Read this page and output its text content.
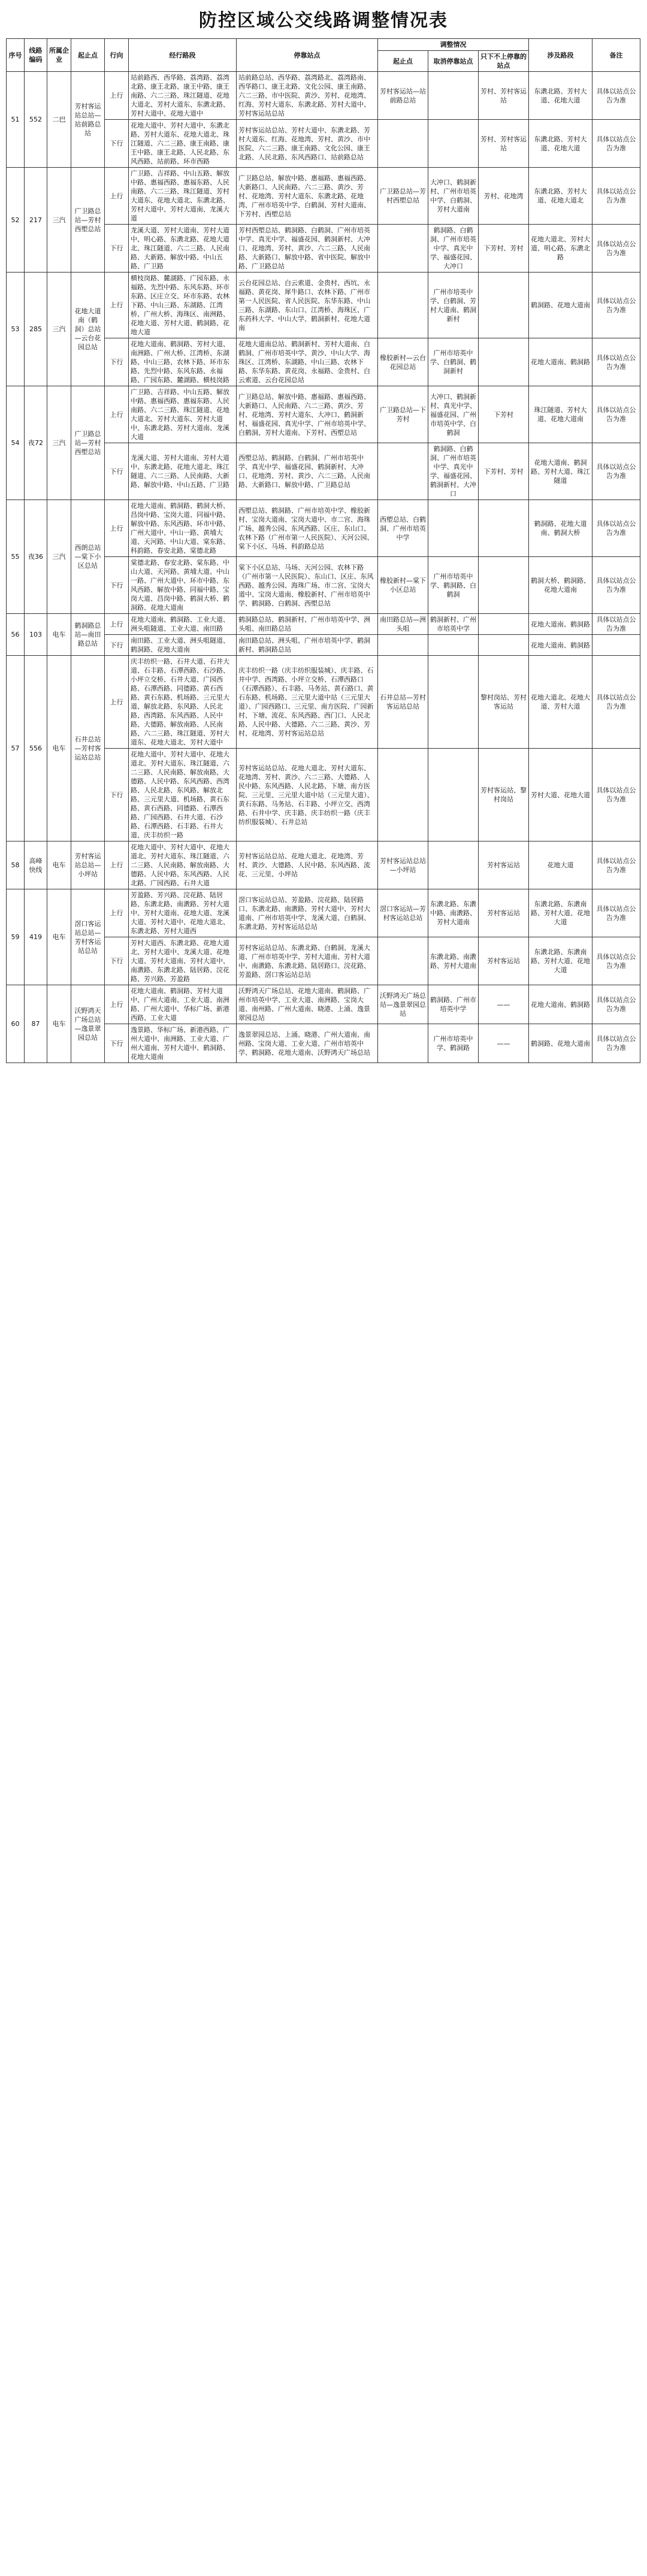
防控区域公交线路调整情况表
序号	线路编码	所属企业	起止点	行向	经行路段	停靠站点	调整情况			涉及路段	备注
							起止点	取消停靠站点	只下不上停靠的站点		
51	552	二巴	芳村客运站总站—站前路总站	上行	站前路西、西华路、荔湾路、荔湾北路、康王北路、康王中路、康王南路、六二三路、珠江隧道、花地大道北、芳村大道东、东漖北路、芳村大道中、花地大道中	站前路总站、西华路、荔湾路北、荔湾路南、西华路口、康王北路、文化公园、康王南路、六二三路、市中医院、黄沙、芳村、花地湾、红海、芳村大道东、东漖北路、芳村大道中、芳村客运站总站	芳村客运站—站前路总站		芳村、芳村客运站	东漖北路、芳村大道、花地大道	具体以站点公告为准
				下行	花地大道中、芳村大道中、东漖北路、芳村大道东、花地大道北、珠江隧道、六二三路、康王南路、康王中路、康王北路、人民北路、东风西路、站前路、环市西路	芳村客运站总站、芳村大道中、东漖北路、芳村大道东、红海、花地湾、芳村、黄沙、市中医院、六二三路、康王南路、文化公园、康王北路、人民北路、东风西路口、站前路总站			芳村、芳村客运站	东漖北路、芳村大道、花地大道	具体以站点公告为准
52	217	三汽	广卫路总站—芳村西塱总站	上行	广卫路、吉祥路、中山五路、解放中路、惠福西路、惠福东路、人民南路、六二三路、珠江隧道、芳村大道东、花地大道北、东漖北路、芳村大道中、芳村大道南、龙溪大道	广卫路总站、解放中路、惠福路、惠福西路、大新路口、人民南路、六二三路、黄沙、芳村、花地湾、芳村大道东、东漖北路、花地湾、广州市培英中学、白鹤洞、芳村大道南、下芳村、西塱总站	广卫路总站—芳村西塱总站	大冲口、鹤洞新村、广州市培英中学、白鹤洞、芳村大道南	芳村、花地湾	东漖北路、芳村大道、花地大道北	具体以站点公告为准
				下行	龙溪大道、芳村大道南、芳村大道中、明心路、东漖北路、花地大道北、珠江隧道、六二三路、人民南路、大新路、解放中路、中山五路、广卫路	芳村西塱总站、鹤洞路、白鹤洞、广州市培英中学、真光中学、福盛花园、鹤洞新村、大冲口、花地湾、芳村、黄沙、六二三路、人民南路、大新路口、解放中路、省中医院、解放中路、广卫路总站		鹤洞路、白鹤洞、广州市培英中学、真光中学、福盛花园、大冲口	下芳村、芳村	花地大道北、芳村大道、明心路、东漖北路	具体以站点公告为准
53	285	三汽	花地大道南（鹤洞）总站—云台花园总站	上行	横枝岗路、麓湖路、广园东路、永福路、先烈中路、东风东路、环市东路、区庄立交、环市东路、农林下路、中山三路、东湖路、江湾桥、广州大桥、海珠区、南洲路、花地大道、芳村大道、鹤洞路、花地大道	云台花园总站、白云索道、金贵村、西坑、永福路、黄花岗、犀牛路口、农林下路、广州市第一人民医院、省人民医院、东华东路、中山三路、东湖路、东山口、江湾桥、海珠区、广东药科大学、中山大学、鹤洞新村、花地大道南		广州市培英中学、白鹤洞、芳村大道南、鹤洞新村		鹤洞路、花地大道南	具体以站点公告为准
				下行	花地大道南、鹤洞路、芳村大道、南洲路、广州大桥、江湾桥、东湖路、中山三路、农林下路、环市东路、先烈中路、东风东路、永福路、广园东路、麓湖路、横枝岗路	花地大道南总站、鹤洞新村、芳村大道南、白鹤洞、广州市培英中学、黄沙、中山大学、海珠区、江湾桥、东湖路、中山三路、农林下路、东华东路、黄花岗、永福路、金贵村、白云索道、云台花园总站	橡胶新村—云台花园总站	广州市培英中学、白鹤洞、鹤洞新村		花地大道南、鹤洞路	具体以站点公告为准
54	夜72	三汽	广卫路总站—芳村西塱总站	上行	广卫路、吉祥路、中山五路、解放中路、惠福西路、惠福东路、人民南路、六二三路、珠江隧道、花地大道北、芳村大道东、芳村大道中、东漖北路、芳村大道南、龙溪大道	广卫路总站、解放中路、惠福路、惠福西路、大新路口、人民南路、六二三路、黄沙、芳村、花地湾、芳村大道东、大冲口、鹤洞新村、福盛花园、真光中学、广州市培英中学、白鹤洞、芳村大道南、下芳村、西塱总站	广卫路总站—下芳村	大冲口、鹤洞新村、真光中学、福盛花园、广州市培英中学、白鹤洞	下芳村	珠江隧道、芳村大道、花地大道南	具体以站点公告为准
				下行	龙溪大道、芳村大道南、芳村大道中、东漖北路、花地大道北、珠江隧道、六二三路、人民南路、大新路、解放中路、中山五路、广卫路	西塱总站、鹤洞路、白鹤洞、广州市培英中学、真光中学、福盛花园、鹤洞新村、大冲口、花地湾、芳村、黄沙、六二三路、人民南路、大新路口、解放中路、广卫路总站		鹤洞路、白鹤洞、广州市培英中学、真光中学、福盛花园、鹤洞新村、大冲口	下芳村、芳村	花地大道南、鹤洞路、芳村大道、珠江隧道	具体以站点公告为准
55	夜36	三汽	西朗总站—棠下小区总站	上行	花地大道南、鹤洞路、鹤洞大桥、昌岗中路、宝岗大道、同福中路、解放中路、东风西路、环市中路、广州大道中、中山一路、黄埔大道、天河路、中山大道、棠东路、科韵路、春安北路、棠德北路	西塱总站、鹤洞路、广州市培英中学、橡胶新村、宝岗大道南、宝岗大道中、市二宫、海珠广场、越秀公园、东风西路、区庄、东山口、农林下路（广州市第一人民医院）、天河公园、棠下小区、马场、科韵路总站	西塱总站、白鹤洞、广州市培英中学			鹤洞路、花地大道南、鹤洞大桥	具体以站点公告为准
				下行	棠德北路、春安北路、棠东路、中山大道、天河路、黄埔大道、中山一路、广州大道中、环市中路、东风西路、解放中路、同福中路、宝岗大道、昌岗中路、鹤洞大桥、鹤洞路、花地大道南	棠下小区总站、马场、天河公园、农林下路（广州市第一人民医院）、东山口、区庄、东风西路、越秀公园、海珠广场、市二宫、宝岗大道中、宝岗大道南、橡胶新村、广州市培英中学、鹤洞路、白鹤洞、西塱总站	橡胶新村—棠下小区总站	广州市培英中学、鹤洞路、白鹤洞		鹤洞大桥、鹤洞路、花地大道南	具体以站点公告为准
56	103	电车	鹤洞路总站—南田路总站	上行	花地大道南、鹤洞路、工业大道、洲头咀隧道、工业大道、南田路	鹤洞路总站、鹤洞新村、广州市培英中学、洲头咀、南田路总站	南田路总站—洲头咀	鹤洞新村、广州市培英中学		花地大道南、鹤洞路	具体以站点公告为准
				下行	南田路、工业大道、洲头咀隧道、鹤洞路、花地大道南	南田路总站、洲头咀、广州市培英中学、鹤洞新村、鹤洞路总站				花地大道南、鹤洞路	
57	556	电车	石井总站—芳村客运站总站	上行	庆丰纺织一路、石井大道、石井大道、石丰路、石潭西路、石沙路、小坪立交桥、石井大道、广园西路、石潭西路、同德路、黄石西路、黄石东路、机场路、三元里大道、解放北路、东风路、人民北路、西湾路、东风西路、人民中路、大德路、解放南路、人民南路、六二三路、珠江隧道、芳村大道东、花地大道北、芳村大道中	庆丰纺织一路（庆丰纺织服装城）、庆丰路、石井中学、西湾路、小坪立交桥、石潭西路口（石潭西路）、石丰路、马务站、黄石路口、黄石东路、机场路、三元里大道中站（三元里大道）、广园西路口、三元里、南方医院、广园新村、下塘、流花、东风西路、西门口、人民北路、人民中路、大德路、六二三路、黄沙、芳村、花地湾、芳村客运站总站	石井总站—芳村客运站总站		黎村岗站、芳村客运站	花地大道北、花地大道、芳村大道	具体以站点公告为准
				下行	花地大道中、芳村大道中、花地大道北、芳村大道东、珠江隧道、六二三路、人民南路、解放南路、大德路、人民中路、东风西路、西湾路、人民北路、东风路、解放北路、三元里大道、机场路、黄石东路、黄石西路、同德路、石潭西路、广园西路、石井大道、石沙路、石潭西路、石丰路、石井大道、庆丰纺织一路	芳村客运站总站、花地大道北、芳村大道东、花地湾、芳村、黄沙、六二三路、大德路、人民中路、东风西路、人民北路、下塘、南方医院、三元里、三元里大道中站（三元里大道）、黄石东路、马务站、石丰路、小坪立交、西湾路、石井中学、庆丰路、庆丰纺织一路（庆丰纺织服装城）、石井总站			芳村客运站、黎村岗站	芳村大道、花地大道	具体以站点公告为准
58	高峰快线	电车	芳村客运站总站—小坪站	上行	花地大道中、芳村大道中、花地大道北、芳村大道东、珠江隧道、六二三路、人民南路、解放南路、大德路、人民中路、东风西路、人民北路、广园西路、石井大道	芳村客运站总站、花地大道北、花地湾、芳村、黄沙、大德路、人民中路、东风西路、流花、三元里、小坪站	芳村客运站总站—小坪站		芳村客运站	花地大道	具体以站点公告为准
59	419	电车	滘口客运站总站—芳村客运站总站	上行	芳盈路、芳兴路、浣花路、陆居路、东漖北路、南漖路、芳村大道中、芳村大道南、花地大道、龙溪大道、芳村大道中、花地大道北、东漖北路、芳村大道西	滘口客运站总站、芳盈路、浣花路、陆居路口、东漖北路、南漖路、芳村大道中、芳村大道南、广州市培英中学、龙溪大道、白鹤洞、东漖北路、芳村客运站总站	滘口客运站—芳村客运站总站	东漖北路、东漖中路、南漖路、芳村大道南	芳村客运站	东漖北路、东漖南路、芳村大道、花地大道	具体以站点公告为准
				下行	芳村大道西、东漖北路、花地大道北、芳村大道中、龙溪大道、花地大道、芳村大道南、芳村大道中、南漖路、东漖北路、陆居路、浣花路、芳兴路、芳盈路	芳村客运站总站、东漖北路、白鹤洞、龙溪大道、广州市培英中学、芳村大道南、芳村大道中、南漖路、东漖北路、陆居路口、浣花路、芳盈路、滘口客运站总站		东漖北路、南漖路、芳村大道南	芳村客运站	东漖北路、东漖南路、芳村大道、花地大道	具体以站点公告为准
60	87	电车	沃野鸿天广场总站—逸景翠园总站	上行	花地大道南、鹤洞路、芳村大道中、广州大道南、工业大道、南洲路、广州大道中、华标广场、新港西路、工业大道	沃野鸿天广场总站、花地大道南、鹤洞路、广州市培英中学、工业大道、南洲路、宝岗大道、南州路、广州大道南、晓港、上涌、逸景翠园总站	沃野鸿天广场总站—逸景翠园总站	鹤洞路、广州市培英中学	——	花地大道南、鹤洞路	具体以站点公告为准
				下行	逸景路、华标广场、新港西路、广州大道中、南洲路、工业大道、广州大道南、芳村大道中、鹤洞路、花地大道南	逸景翠园总站、上涌、晓港、广州大道南、南州路、宝岗大道、工业大道、广州市培英中学、鹤洞路、花地大道南、沃野鸿天广场总站		广州市培英中学、鹤洞路	——	鹤洞路、花地大道南	具体以站点公告为准
